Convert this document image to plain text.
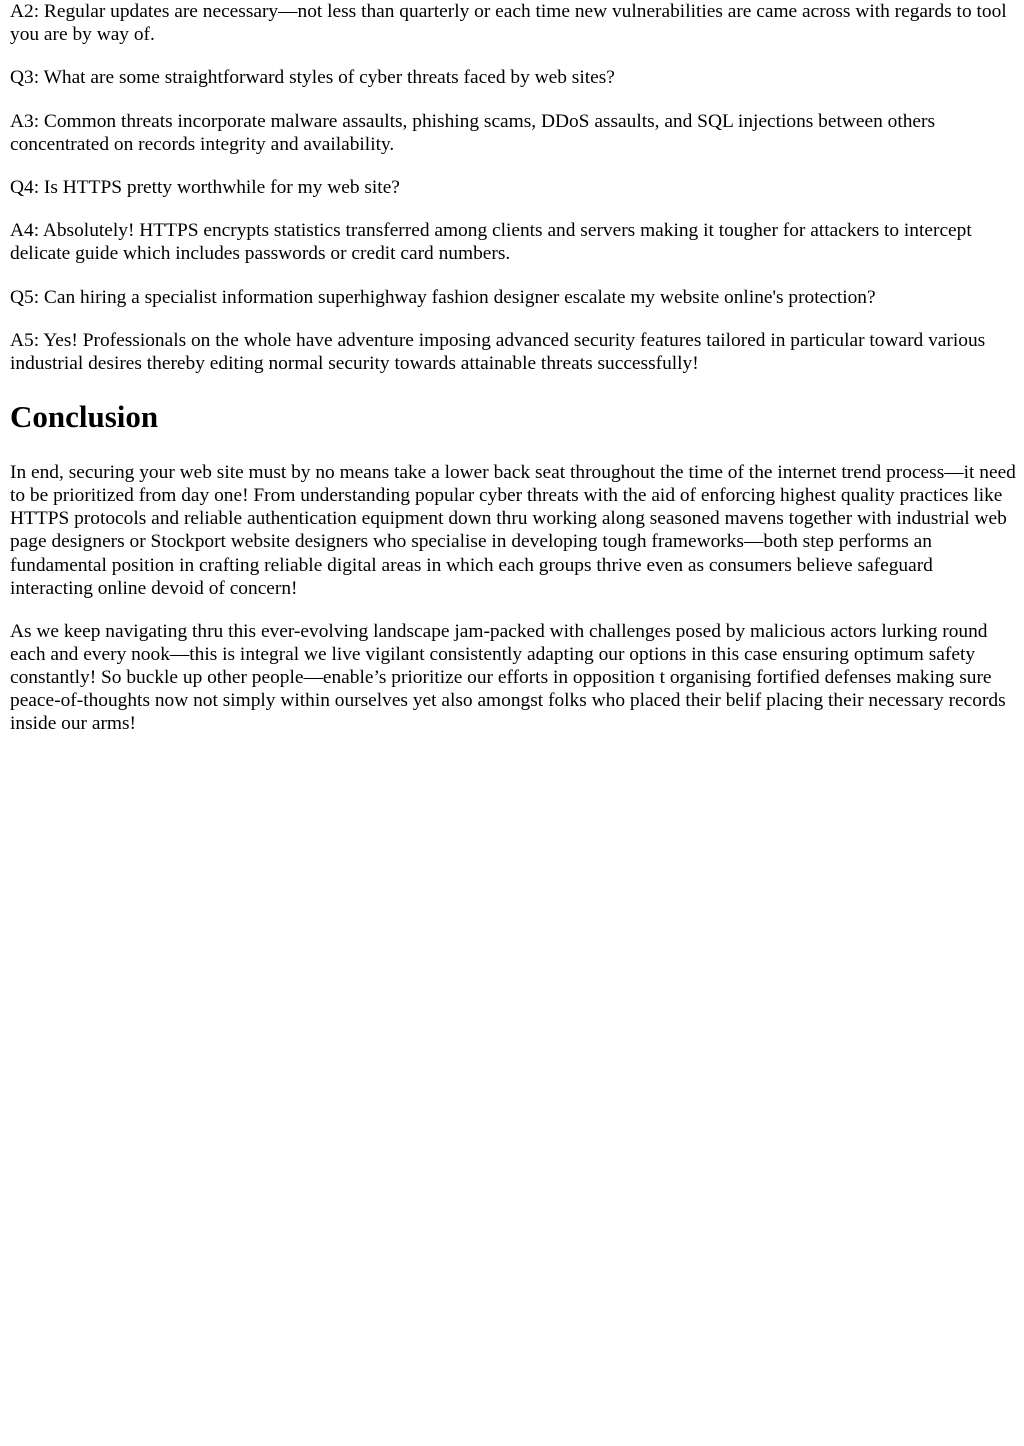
A2: Regular updates are necessary—not less than quarterly or each time new vulnerabilities are came across with regards to tool you are by way of.

Q3: What are some straightforward styles of cyber threats faced by web sites?

A3: Common threats incorporate malware assaults, phishing scams, DDoS assaults, and SQL injections between others concentrated on records integrity and availability.

Q4: Is HTTPS pretty worthwhile for my web site?

A4: Absolutely! HTTPS encrypts statistics transferred among clients and servers making it tougher for attackers to intercept delicate guide which includes passwords or credit card numbers.

Q5: Can hiring a specialist information superhighway fashion designer escalate my website online's protection?

A5: Yes! Professionals on the whole have adventure imposing advanced security features tailored in particular toward various industrial desires thereby editing normal security towards attainable threats successfully!

Conclusion

In end, securing your web site must by no means take a lower back seat throughout the time of the internet trend process—it need to be prioritized from day one! From understanding popular cyber threats with the aid of enforcing highest quality practices like HTTPS protocols and reliable authentication equipment down thru working along seasoned mavens together with industrial web page designers or Stockport website designers who specialise in developing tough frameworks—both step performs an fundamental position in crafting reliable digital areas in which each groups thrive even as consumers believe safeguard interacting online devoid of concern!

As we keep navigating thru this ever-evolving landscape jam-packed with challenges posed by malicious actors lurking round each and every nook—this is integral we live vigilant consistently adapting our options in this case ensuring optimum safety constantly! So buckle up other people—enable’s prioritize our efforts in opposition t organising fortified defenses making sure peace-of-thoughts now not simply within ourselves yet also amongst folks who placed their belif placing their necessary records inside our arms!
